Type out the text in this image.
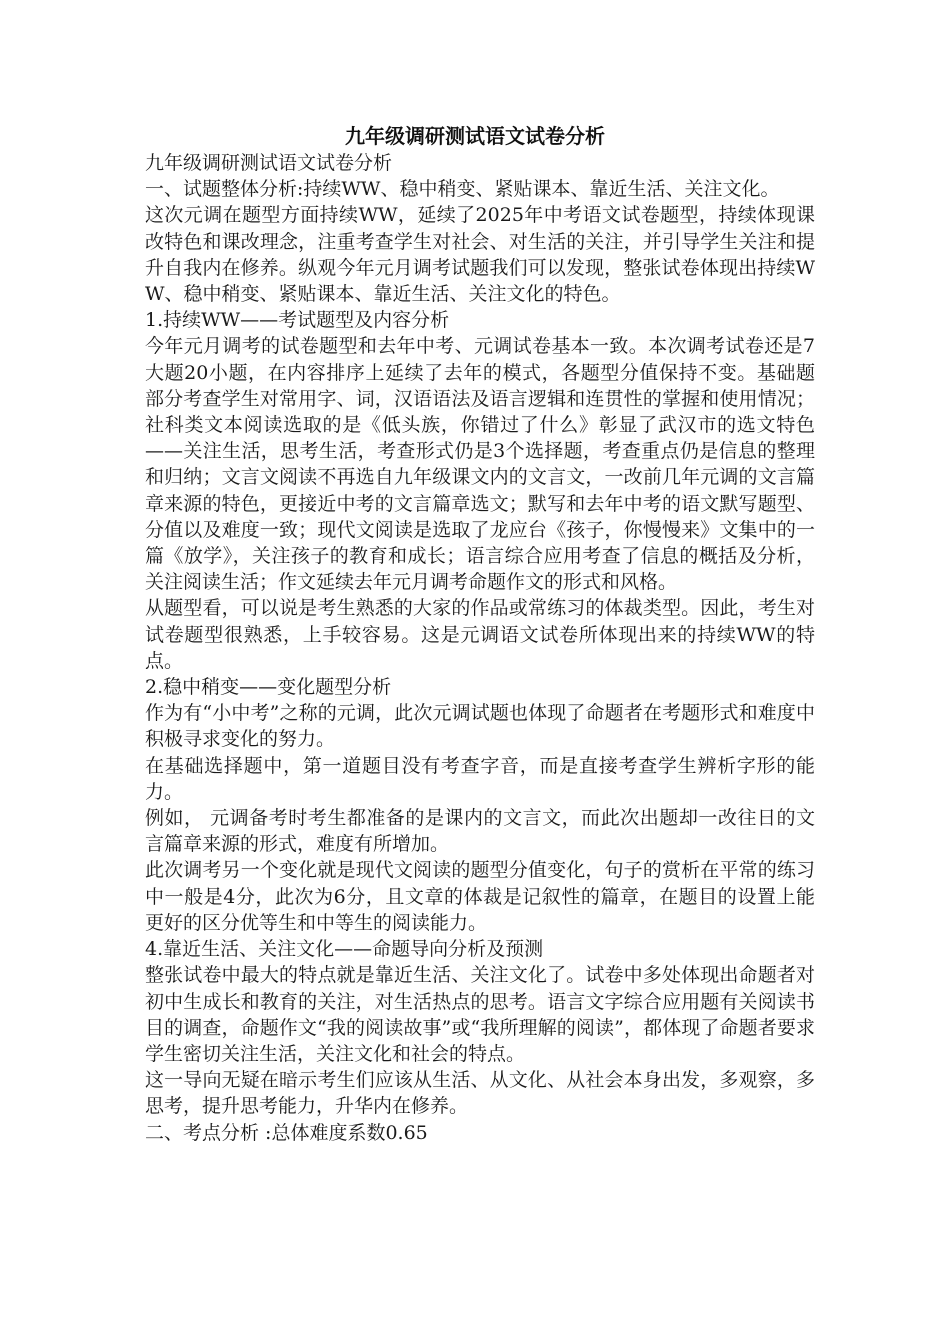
九年级调研测试语文试卷分析

九年级调研测试语文试卷分析

一、试题整体分析:持续WW、稳中稍变、紧贴课本、靠近生活、关注文化。

这次元调在题型方面持续WW，延续了2025年中考语文试卷题型，持续体现课改特色和课改理念，注重考查学生对社会、对生活的关注，并引导学生关注和提升自我内在修养。纵观今年元月调考试题我们可以发现，整张试卷体现出持续WW、稳中稍变、紧贴课本、靠近生活、关注文化的特色。

1.持续WW——考试题型及内容分析

今年元月调考的试卷题型和去年中考、元调试卷基本一致。本次调考试卷还是7大题20小题，在内容排序上延续了去年的模式，各题型分值保持不变。基础题部分考查学生对常用字、词，汉语语法及语言逻辑和连贯性的掌握和使用情况；社科类文本阅读选取的是《低头族，你错过了什么》彰显了武汉市的选文特色——关注生活，思考生活，考查形式仍是3个选择题，考查重点仍是信息的整理和归纳；文言文阅读不再选自九年级课文内的文言文，一改前几年元调的文言篇章来源的特色，更接近中考的文言篇章选文；默写和去年中考的语文默写题型、分值以及难度一致；现代文阅读是选取了龙应台《孩子，你慢慢来》文集中的一篇《放学》，关注孩子的教育和成长；语言综合应用考查了信息的概括及分析，关注阅读生活；作文延续去年元月调考命题作文的形式和风格。

从题型看，可以说是考生熟悉的大家的作品或常练习的体裁类型。因此，考生对试卷题型很熟悉，上手较容易。这是元调语文试卷所体现出来的持续WW的特点。

2.稳中稍变——变化题型分析

作为有“小中考”之称的元调，此次元调试题也体现了命题者在考题形式和难度中积极寻求变化的努力。

在基础选择题中，第一道题目没有考查字音，而是直接考查学生辨析字形的能力。

例如， 元调备考时考生都准备的是课内的文言文，而此次出题却一改往日的文言篇章来源的形式，难度有所增加。

此次调考另一个变化就是现代文阅读的题型分值变化，句子的赏析在平常的练习中一般是4分，此次为6分，且文章的体裁是记叙性的篇章，在题目的设置上能更好的区分优等生和中等生的阅读能力。

4.靠近生活、关注文化——命题导向分析及预测

整张试卷中最大的特点就是靠近生活、关注文化了。试卷中多处体现出命题者对初中生成长和教育的关注，对生活热点的思考。语言文字综合应用题有关阅读书目的调查，命题作文“我的阅读故事”或“我所理解的阅读”，都体现了命题者要求学生密切关注生活，关注文化和社会的特点。

这一导向无疑在暗示考生们应该从生活、从文化、从社会本身出发，多观察，多思考，提升思考能力，升华内在修养。

二、考点分析 :总体难度系数0.65
